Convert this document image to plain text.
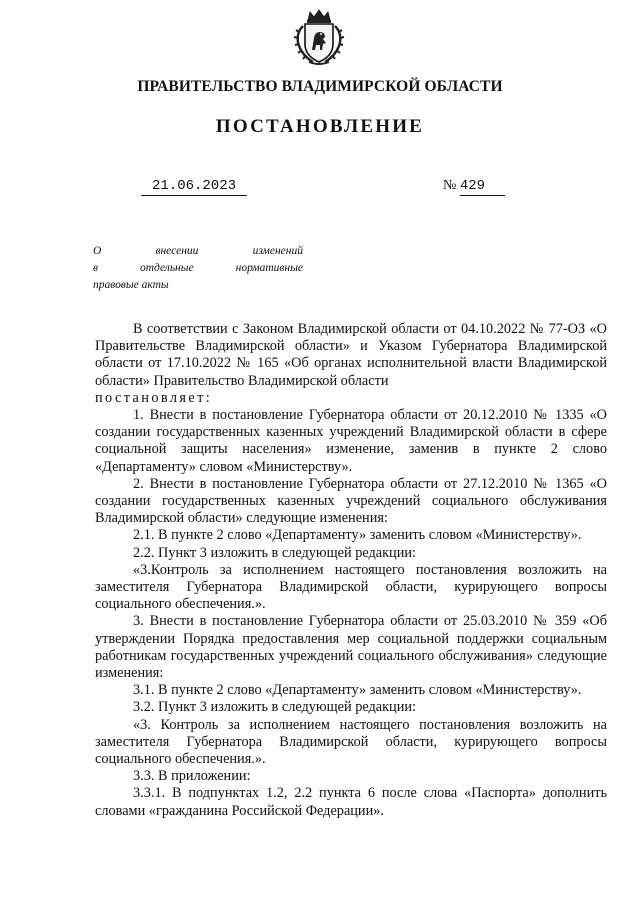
ПРАВИТЕЛЬСТВО ВЛАДИМИРСКОЙ ОБЛАСТИ
ПОСТАНОВЛЕНИЕ
21.06.2023	№ 429
О	внесении	изменений
в	отдельные	нормативные
правовые акты

В соответствии с Законом Владимирской области от 04.10.2022 № 77-ОЗ «О Правительстве Владимирской области» и Указом Губернатора Владимирской области от 17.10.2022 № 165 «Об органах исполнительной власти Владимирской области» Правительство Владимирской области

постановляет:

1. Внести в постановление Губернатора области от 20.12.2010 № 1335 «О создании государственных казенных учреждений Владимирской области в сфере социальной защиты населения» изменение, заменив в пункте 2 слово «Департаменту» словом «Министерству».

2. Внести в постановление Губернатора области от 27.12.2010 № 1365 «О создании государственных казенных учреждений социального обслуживания Владимирской области» следующие изменения:

2.1. В пункте 2 слово «Департаменту» заменить словом «Министерству».

2.2. Пункт 3 изложить в следующей редакции:

«3.Контроль за исполнением настоящего постановления возложить на заместителя Губернатора Владимирской области, курирующего вопросы социального обеспечения.».

3. Внести в постановление Губернатора области от 25.03.2010 № 359 «Об утверждении Порядка предоставления мер социальной поддержки социальным работникам государственных учреждений социального обслуживания» следующие изменения:

3.1. В пункте 2 слово «Департаменту» заменить словом «Министерству».

3.2. Пункт 3 изложить в следующей редакции:

«3. Контроль за исполнением настоящего постановления возложить на заместителя Губернатора Владимирской области, курирующего вопросы социального обеспечения.».

3.3. В приложении:

3.3.1. В подпунктах 1.2, 2.2 пункта 6 после слова «Паспорта» дополнить словами «гражданина Российской Федерации».
